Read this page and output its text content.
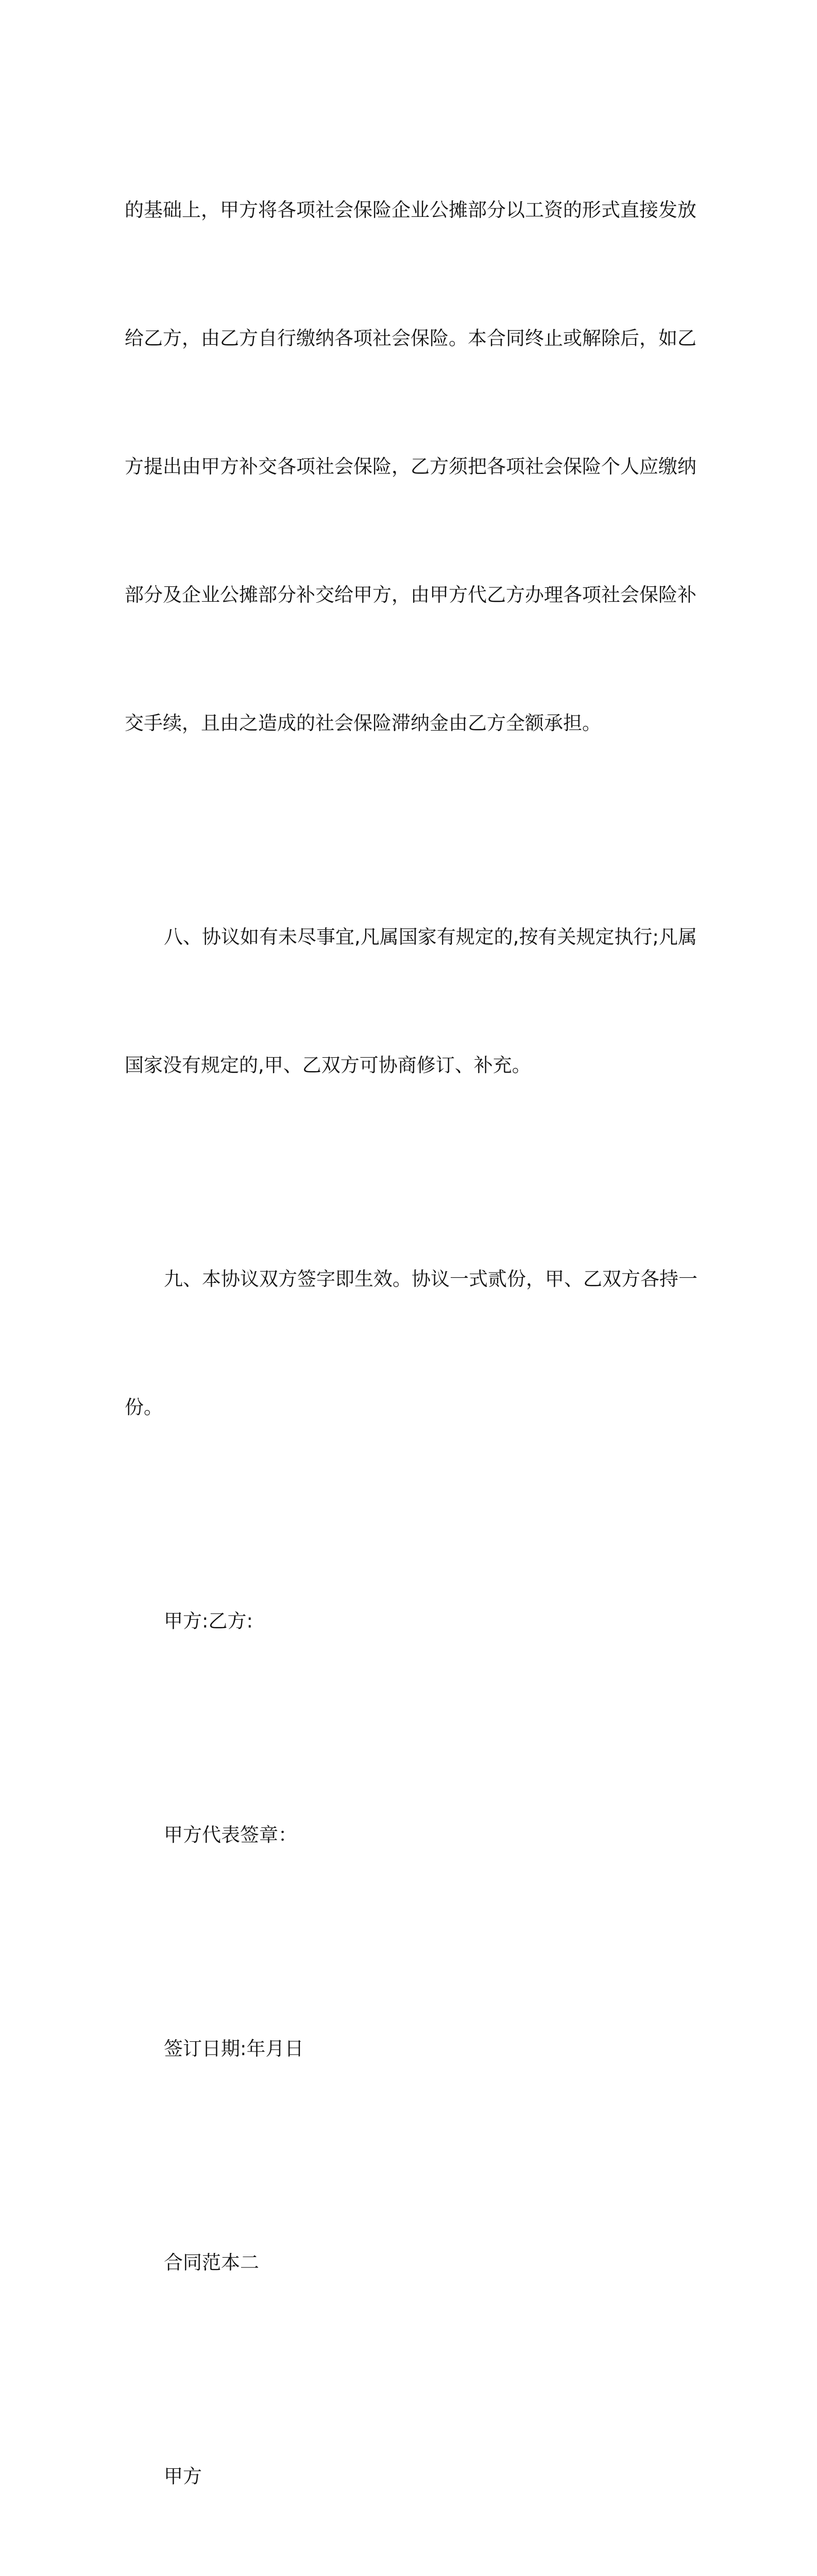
的基础上，甲方将各项社会保险企业公摊部分以工资的形式直接发放

给乙方，由乙方自行缴纳各项社会保险。本合同终止或解除后，如乙

方提出由甲方补交各项社会保险，乙方须把各项社会保险个人应缴纳

部分及企业公摊部分补交给甲方，由甲方代乙方办理各项社会保险补

交手续，且由之造成的社会保险滞纳金由乙方全额承担。

八、协议如有未尽事宜,凡属国家有规定的,按有关规定执行;凡属

国家没有规定的,甲、乙双方可协商修订、补充。

九、本协议双方签字即生效。协议一式贰份，甲、乙双方各持一

份。

甲方:乙方:

甲方代表签章：

签订日期:年月日

合同范本二

甲方
